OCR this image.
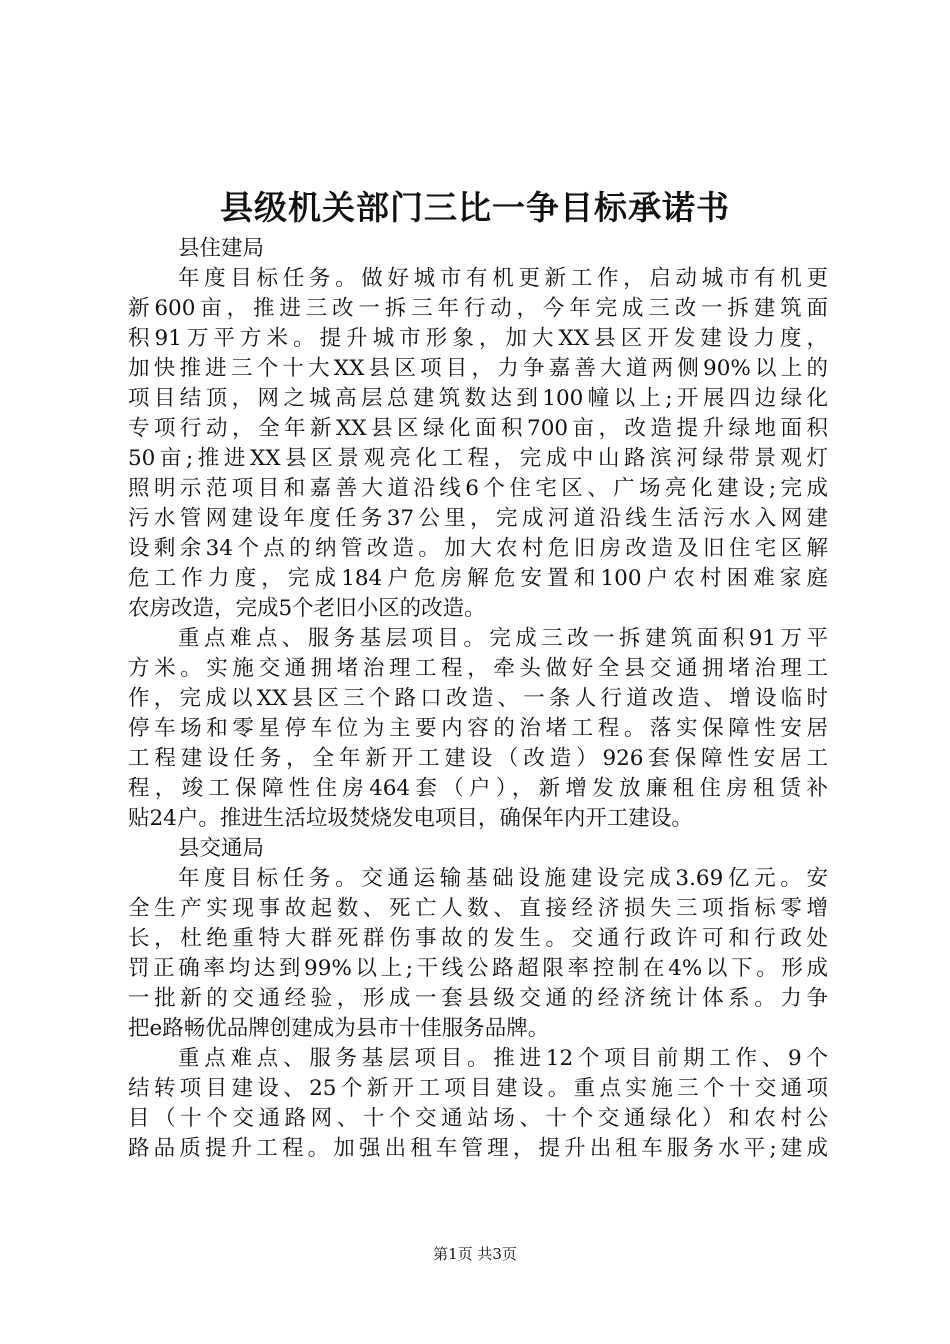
县级机关部门三比一争目标承诺书
县住建局
年度目标任务。做好城市有机更新工作，启动城市有机更
新600亩，推进三改一拆三年行动，今年完成三改一拆建筑面
积91万平方米。提升城市形象，加大XX县区开发建设力度，
加快推进三个十大XX县区项目，力争嘉善大道两侧90%以上的
项目结顶，网之城高层总建筑数达到100幢以上;开展四边绿化
专项行动，全年新XX县区绿化面积700亩，改造提升绿地面积
50亩;推进XX县区景观亮化工程，完成中山路滨河绿带景观灯
照明示范项目和嘉善大道沿线6个住宅区、广场亮化建设;完成
污水管网建设年度任务37公里，完成河道沿线生活污水入网建
设剩余34个点的纳管改造。加大农村危旧房改造及旧住宅区解
危工作力度，完成184户危房解危安置和100户农村困难家庭
农房改造，完成5个老旧小区的改造。
重点难点、服务基层项目。完成三改一拆建筑面积91万平
方米。实施交通拥堵治理工程，牵头做好全县交通拥堵治理工
作，完成以XX县区三个路口改造、一条人行道改造、增设临时
停车场和零星停车位为主要内容的治堵工程。落实保障性安居
工程建设任务，全年新开工建设（改造）926套保障性安居工
程，竣工保障性住房464套（户），新增发放廉租住房租赁补
贴24户。推进生活垃圾焚烧发电项目，确保年内开工建设。
县交通局
年度目标任务。交通运输基础设施建设完成3.69亿元。安
全生产实现事故起数、死亡人数、直接经济损失三项指标零增
长，杜绝重特大群死群伤事故的发生。交通行政许可和行政处
罚正确率均达到99%以上;干线公路超限率控制在4%以下。形成
一批新的交通经验，形成一套县级交通的经济统计体系。力争
把e路畅优品牌创建成为县市十佳服务品牌。
重点难点、服务基层项目。推进12个项目前期工作、9个
结转项目建设、25个新开工项目建设。重点实施三个十交通项
目（十个交通路网、十个交通站场、十个交通绿化）和农村公
路品质提升工程。加强出租车管理，提升出租车服务水平;建成
第1页 共3页
